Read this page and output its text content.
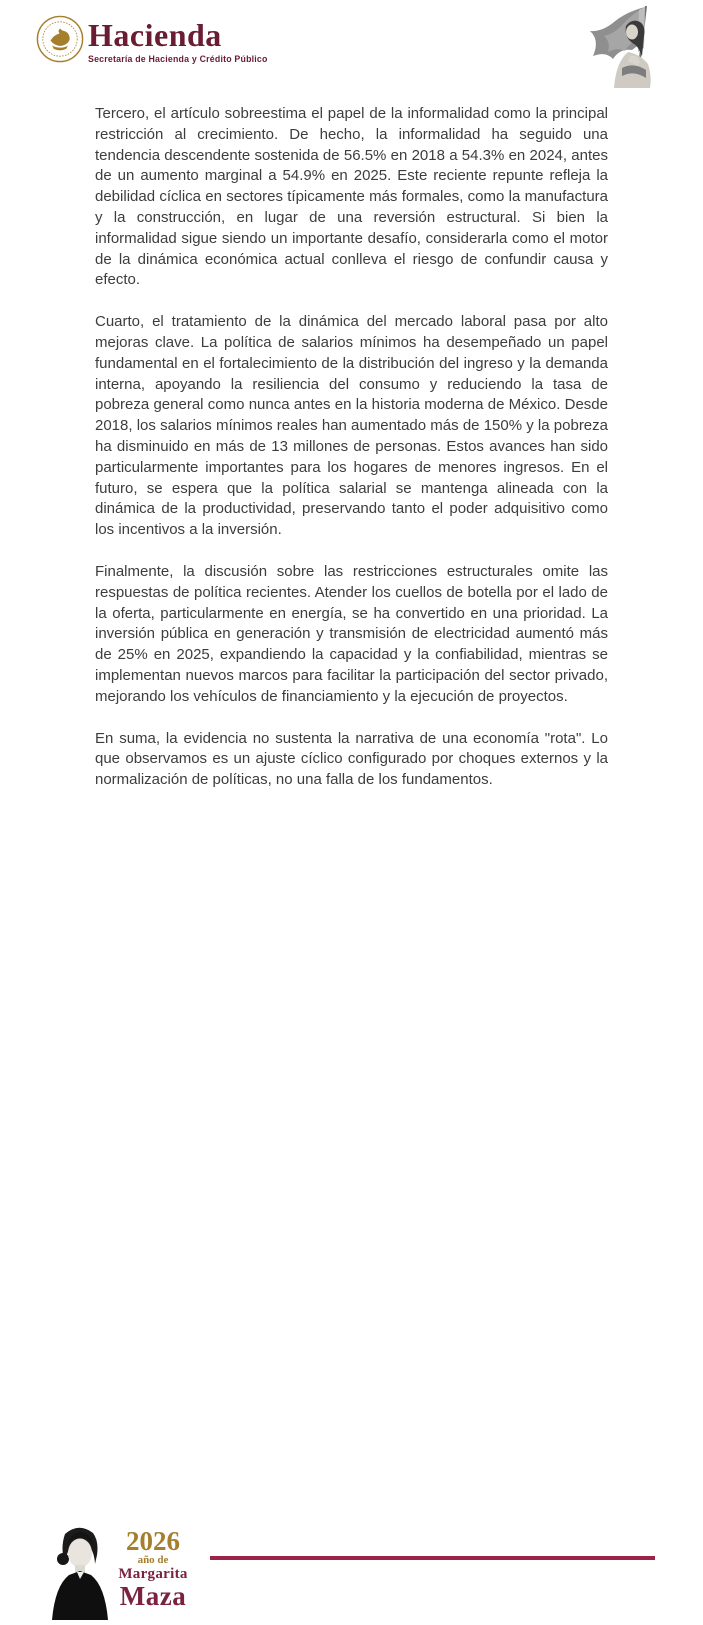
Hacienda
Secretaría de Hacienda y Crédito Público

Tercero, el artículo sobreestima el papel de la informalidad como la principal restricción al crecimiento. De hecho, la informalidad ha seguido una tendencia descendente sostenida de 56.5% en 2018 a 54.3% en 2024, antes de un aumento marginal a 54.9% en 2025. Este reciente repunte refleja la debilidad cíclica en sectores típicamente más formales, como la manufactura y la construcción, en lugar de una reversión estructural. Si bien la informalidad sigue siendo un importante desafío, considerarla como el motor de la dinámica económica actual conlleva el riesgo de confundir causa y efecto.

Cuarto, el tratamiento de la dinámica del mercado laboral pasa por alto mejoras clave. La política de salarios mínimos ha desempeñado un papel fundamental en el fortalecimiento de la distribución del ingreso y la demanda interna, apoyando la resiliencia del consumo y reduciendo la tasa de pobreza general como nunca antes en la historia moderna de México. Desde 2018, los salarios mínimos reales han aumentado más de 150% y la pobreza ha disminuido en más de 13 millones de personas. Estos avances han sido particularmente importantes para los hogares de menores ingresos. En el futuro, se espera que la política salarial se mantenga alineada con la dinámica de la productividad, preservando tanto el poder adquisitivo como los incentivos a la inversión.

Finalmente, la discusión sobre las restricciones estructurales omite las respuestas de política recientes. Atender los cuellos de botella por el lado de la oferta, particularmente en energía, se ha convertido en una prioridad. La inversión pública en generación y transmisión de electricidad aumentó más de 25% en 2025, expandiendo la capacidad y la confiabilidad, mientras se implementan nuevos marcos para facilitar la participación del sector privado, mejorando los vehículos de financiamiento y la ejecución de proyectos.

En suma, la evidencia no sustenta la narrativa de una economía "rota". Lo que observamos es un ajuste cíclico configurado por choques externos y la normalización de políticas, no una falla de los fundamentos.

2026
año de
Margarita
Maza
